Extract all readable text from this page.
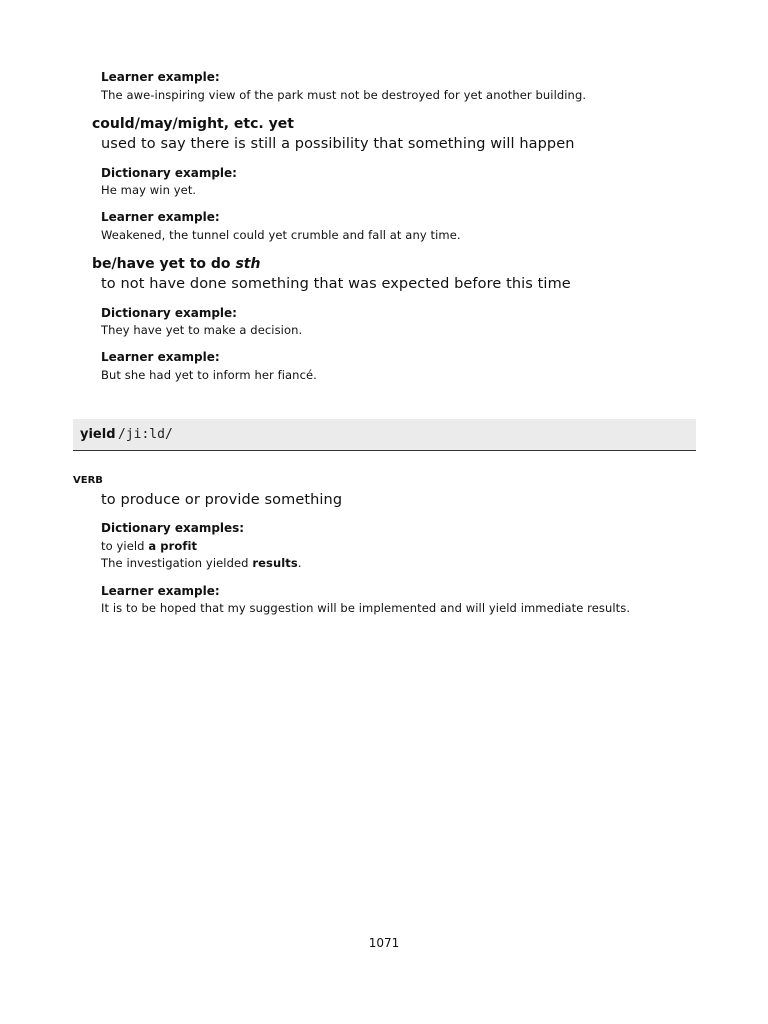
Learner example:
The awe-inspiring view of the park must not be destroyed for yet another building.
could/may/might, etc. yet
used to say there is still a possibility that something will happen
Dictionary example:
He may win yet.
Learner example:
Weakened, the tunnel could yet crumble and fall at any time.
be/have yet to do sth
to not have done something that was expected before this time
Dictionary example:
They have yet to make a decision.
Learner example:
But she had yet to inform her fiancé.
yield /ji:ld/
VERB
to produce or provide something
Dictionary examples:
to yield a profit
The investigation yielded results.
Learner example:
It is to be hoped that my suggestion will be implemented and will yield immediate results.
1071
